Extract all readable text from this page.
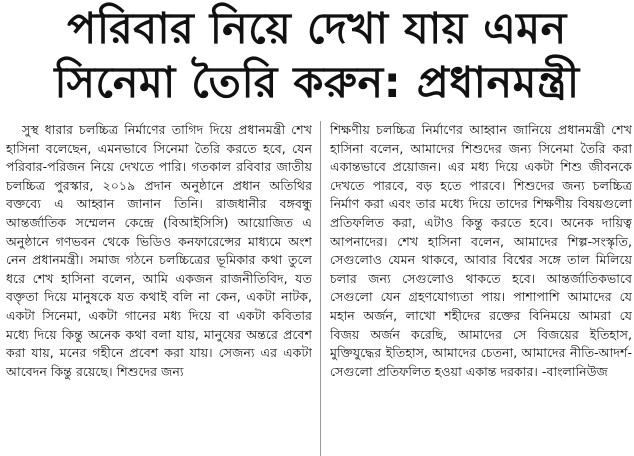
পরিবার নিয়ে দেখা যায় এমন
সিনেমা তৈরি করুন: প্রধানমন্ত্রী

সুস্থ ধারার চলচ্চিত্র নির্মাণের তাগিদ দিয়ে প্রধানমন্ত্রী শেখ হাসিনা বলেছেন, এমনভাবে সিনেমা তৈরি করতে হবে, যেন পরিবার-পরিজন নিয়ে দেখতে পারি। গতকাল রবিবার জাতীয় চলচ্চিত্র পুরস্কার, ২০১৯ প্রদান অনুষ্ঠানে প্রধান অতিথির বক্তব্যে এ আহ্বান জানান তিনি। রাজধানীর বঙ্গবন্ধু আন্তর্জাতিক সম্মেলন কেন্দ্রে (বিআইসিসি) আয়োজিত এ অনুষ্ঠানে গণভবন থেকে ভিডিও কনফারেন্সের মাধ্যমে অংশ নেন প্রধানমন্ত্রী। সমাজ গঠনে চলচ্চিত্রের ভূমিকার কথা তুলে ধরে শেখ হাসিনা বলেন, আমি একজন রাজনীতিবিদ, যত বক্তৃতা দিয়ে মানুষকে যত কথাই বলি না কেন, একটা নাটক, একটা সিনেমা, একটা গানের মধ্য দিয়ে বা একটা কবিতার মধ্যে দিয়ে কিন্তু অনেক কথা বলা যায়, মানুষের অন্তরে প্রবেশ করা যায়, মনের গহীনে প্রবেশ করা যায়। সেজন্য এর একটা আবেদন কিন্তু রয়েছে। শিশুদের জন্য

শিক্ষণীয় চলচ্চিত্র নির্মাণের আহ্বান জানিয়ে প্রধানমন্ত্রী শেখ হাসিনা বলেন, আমাদের শিশুদের জন্য সিনেমা তৈরি করা একান্তভাবে প্রয়োজন। এর মধ্য দিয়ে একটা শিশু জীবনকে দেখতে পারবে, বড় হতে পারবে। শিশুদের জন্য চলচ্চিত্র নির্মাণ করা এবং তার মধ্যে দিয়ে তাদের শিক্ষণীয় বিষয়গুলো প্রতিফলিত করা, এটাও কিন্তু করতে হবে। অনেক দায়িত্ব আপনাদের। শেখ হাসিনা বলেন, আমাদের শিল্প-সংস্কৃতি, সেগুলোও যেমন থাকবে, আবার বিশ্বের সঙ্গে তাল মিলিয়ে চলার জন্য সেগুলোও থাকতে হবে। আন্তর্জাতিকভাবে সেগুলো যেন গ্রহণযোগ্যতা পায়। পাশাপাশি আমাদের যে মহান অর্জন, লাখো শহীদের রক্তের বিনিময়ে আমরা যে বিজয় অর্জন করেছি, আমাদের সে বিজয়ের ইতিহাস, মুক্তিযুদ্ধের ইতিহাস, আমাদের চেতনা, আমাদের নীতি-আদর্শ- সেগুলো প্রতিফলিত হওয়া একান্ত দরকার। -বাংলানিউজ
